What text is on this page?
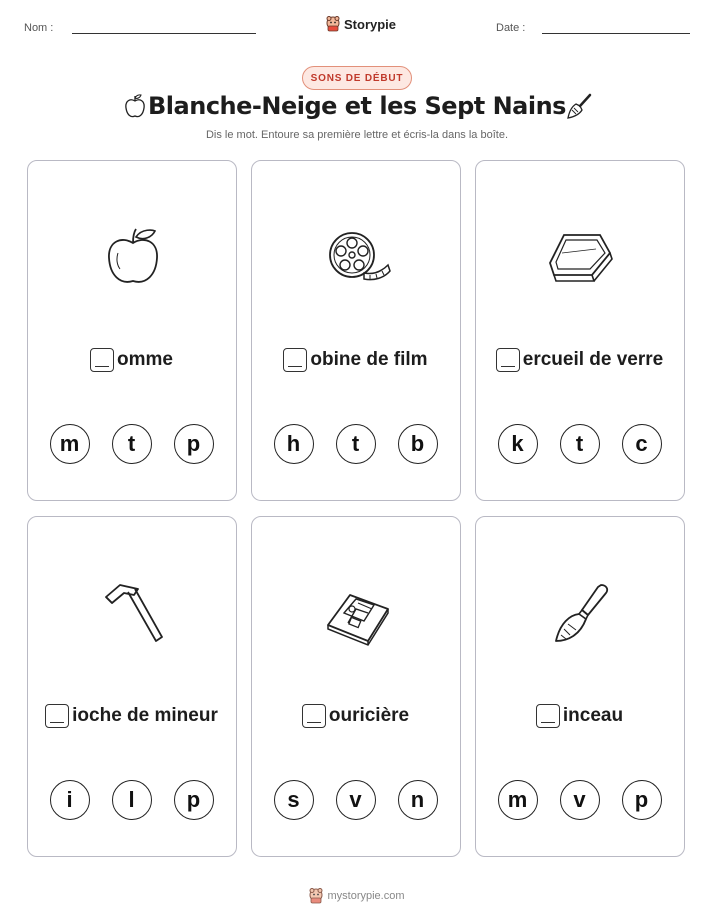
Nom :	Storypie	Date :
SONS DE DÉBUT
Blanche-Neige et les Sept Nains
Dis le mot. Entoure sa première lettre et écris-la dans la boîte.
omme
m	t	p
obine de film
h	t	b
ercueil de verre
k	t	c
ioche de mineur
i	l	p
ouricière
s	v	n
inceau
m	v	p
mystorypie.com
